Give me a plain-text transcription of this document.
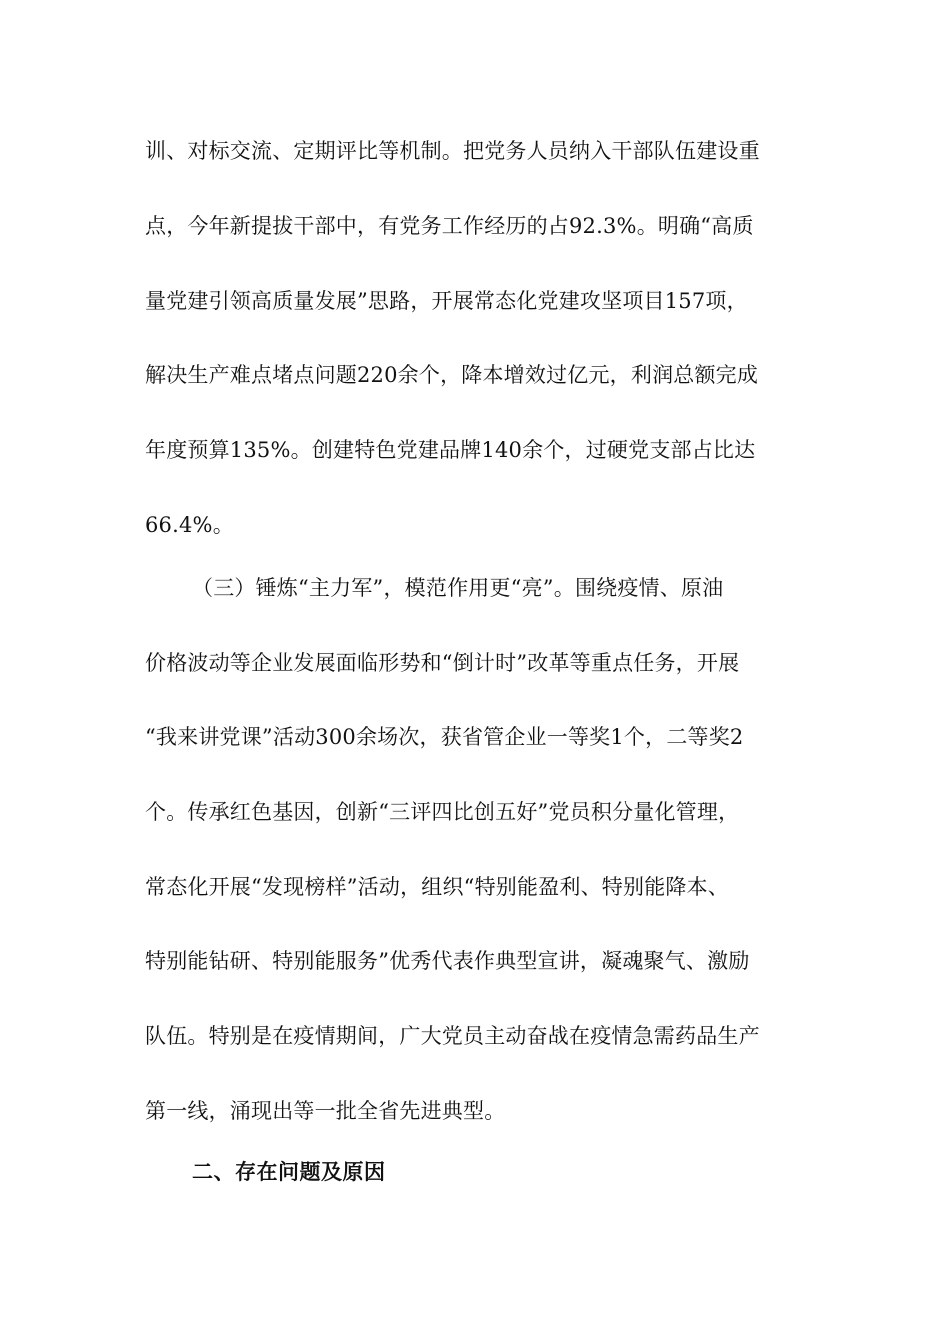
训、对标交流、定期评比等机制。把党务人员纳入干部队伍建设重
点，今年新提拔干部中，有党务工作经历的占92.3%。明确“高质
量党建引领高质量发展”思路，开展常态化党建攻坚项目157项，
解决生产难点堵点问题220余个，降本增效过亿元，利润总额完成
年度预算135%。创建特色党建品牌140余个，过硬党支部占比达
66.4%。
（三）锤炼“主力军”，模范作用更“亮”。围绕疫情、原油
价格波动等企业发展面临形势和“倒计时”改革等重点任务，开展
“我来讲党课”活动300余场次，获省管企业一等奖1个，二等奖2
个。传承红色基因，创新“三评四比创五好”党员积分量化管理，
常态化开展“发现榜样”活动，组织“特别能盈利、特别能降本、
特别能钻研、特别能服务”优秀代表作典型宣讲，凝魂聚气、激励
队伍。特别是在疫情期间，广大党员主动奋战在疫情急需药品生产
第一线，涌现出等一批全省先进典型。
二、存在问题及原因
